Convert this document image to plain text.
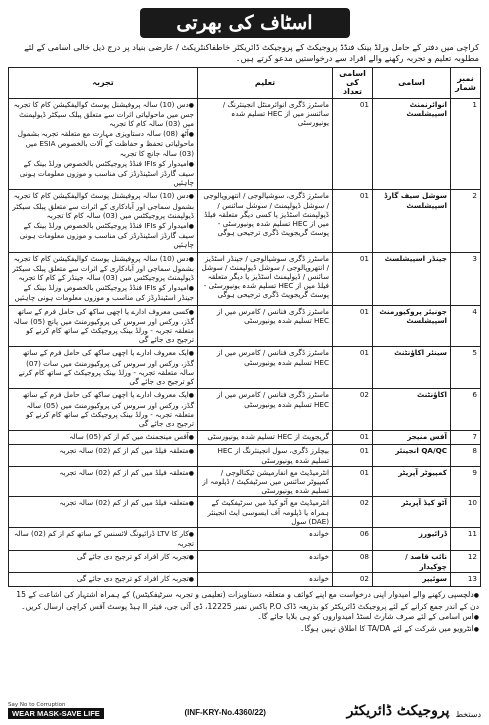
اسٹاف کی بھرتی
کراچی میں دفتر کے حامل ورلڈ بینک فنڈڈ پروجیکٹ کے پروجیکٹ ڈائریکٹر خاطفاکنٹریکٹ / عارضی بنیاد پر درج ذیل خالی اسامی کے لئے مطلوبہ تعلیم و تجربہ رکھنے والے افراد سے درخواستیں مدعو کرتے ہیں۔
نمبر شمار	اسامی	اسامی کی تعداد	تعلیم	تجربہ
1	انوائرنمنٹ اسپیشلسٹ	01	ماسٹرز ڈگری انوائرمنٹل انجینئرنگ / سائنسز میں از HEC تسلیم شدہ یونیورسٹی	● دس (10) سالہ پروفیشنل پوسٹ کوالیفکیشن کام کا تجربہ جس میں ماحولیاتی اثرات سے متعلق پبلک سیکٹر ڈیولپمنٹ میں (03) سالہ کام کا تجربہ
● آٹھ (08) سالہ دستاویزی مہارت مع متعلقہ تجربہ بشمول ماحولیاتی تحفظ و حفاظت کے آلات بالخصوص ESIA میں (03) سالہ جانچ کا تجربہ
● امیدوار کو IFIs فنڈڈ پروجیکٹس بالخصوص ورلڈ بینک کے سیف گارڈز اسٹینڈرڈز کی مناسب و موزوں معلومات ہونی چاہئیں

2	سوشل سیف گارڈ اسپیشلسٹ	01	ماسٹرز ڈگری، سوشیالوجی / انتھروپالوجی / سوشل ڈیولپمنٹ / سوشل سائنس / ڈیولپمنٹ اسٹڈیز یا کسی دیگر متعلقہ فیلڈ میں از HEC تسلیم شدہ یونیورسٹی - پوسٹ گریجویٹ ڈگری ترجیحی ہوگی	● دس (10) سالہ پروفیشنل پوسٹ کوالیفکیشن کام کا تجربہ بشمول سماجی اور آبادکاری کے اثرات سے متعلق پبلک سیکٹر ڈیولپمنٹ پروجیکٹس میں (03) سالہ کام کا تجربہ
● امیدوار کو IFIs فنڈڈ پروجیکٹس بالخصوص ورلڈ بینک کے سیف گارڈز اسٹینڈرڈز کی مناسب و موزوں معلومات ہونی چاہئیں

3	جینڈر اسپیشلسٹ	01	ماسٹرز ڈگری سوشیالوجی / جینڈر اسٹڈیز / انتھروپالوجی / سوشل ڈیولپمنٹ / سوشل سائنس / ڈیولپمنٹ اسٹڈیز یا دیگر متعلقہ فیلڈ میں از HEC تسلیم شدہ یونیورسٹی - پوسٹ گریجویٹ ڈگری ترجیحی ہوگی	● دس (10) سالہ پروفیشنل پوسٹ کوالیفکیشن کام کا تجربہ بشمول سماجی اور آبادکاری کے اثرات سے متعلق پبلک سیکٹر ڈیولپمنٹ پروجیکٹس میں (03) سالہ جینڈر کے کام کا تجربہ
● امیدوار کو IFIs فنڈڈ پروجیکٹس بالخصوص ورلڈ بینک کے جینڈر اسٹینڈرڈز کی مناسب و موزوں معلومات ہونی چاہئیں

4	جونیئر پروکیورمنٹ اسپیشلسٹ	01	ماسٹرز ڈگری فنانس / کامرس میں از HEC تسلیم شدہ یونیورسٹی	● کسی معروف ادارے یا اچھی ساکھ کی حامل فرم کے ساتھ گڈز، ورکس اور سروس کی پروکیورمنٹ میں پانچ (05) سالہ متعلقہ تجربہ - ورلڈ بینک پروجیکٹ کے ساتھ کام کرنے کو ترجیح دی جائے گی

5	سینئر اکاؤنٹنٹ	01	ماسٹرز ڈگری فنانس / کامرس میں از HEC تسلیم شدہ یونیورسٹی	● ایک معروف ادارے یا اچھی ساکھ کی حامل فرم کے ساتھ گڈز، ورکس اور سروس کی پروکیورمنٹ میں سات (07) سالہ متعلقہ تجربہ - ورلڈ بینک پروجیکٹ کے ساتھ کام کرنے کو ترجیح دی جائے گی

6	اکاؤنٹنٹ	02	ماسٹرز ڈگری فنانس / کامرس میں از HEC تسلیم شدہ یونیورسٹی	● ایک معروف ادارے یا اچھی ساکھ کی حامل فرم کے ساتھ گڈز، ورکس اور سروس کی پروکیورمنٹ میں (05) سالہ متعلقہ تجربہ - ورلڈ بینک پروجیکٹ کے ساتھ کام کرنے کو ترجیح دی جائے گی

7	آفس منیجر	01	گریجویٹ از HEC تسلیم شدہ یونیورسٹی	● آفس مینجمنٹ میں کم از کم (05) سالہ

8	QA/QC انجینئر	01	بیچلرز ڈگری، سول انجینئرنگ از HEC تسلیم شدہ یونیورسٹی	● متعلقہ فیلڈ میں کم از کم (02) سالہ تجربہ

9	کمپیوٹر آپریٹر	01	انٹرمیڈیٹ مع انفارمیشن ٹیکنالوجی / کمپیوٹر سائنس میں سرٹیفکیٹ / ڈپلومہ از تسلیم شدہ یونیورسٹی	● متعلقہ فیلڈ میں کم از کم (02) سالہ تجربہ

10	آٹو کیڈ آپریٹر	02	انٹرمیڈیٹ مع آٹو کیڈ میں سرٹیفکیٹ کے ہمراہ یا ڈپلومہ آف ایسوسی ایٹ انجینئر (DAE) سول	● متعلقہ فیلڈ میں کم از کم (02) سالہ تجربہ

11	ڈرائیورز	06	خواندہ	● کار کا LTV ڈرائیونگ لائسنس کے ساتھ کم از کم (02) سالہ تجربہ

12	نائب قاصد / چوکیدار	08	خواندہ	● تجربہ کار افراد کو ترجیح دی جائے گی

13	سوئیپر	02	خواندہ	● تجربہ کار افراد کو ترجیح دی جائے گی
● دلچسپی رکھنے والے امیدوار اپنی درخواست مع اپنے کوائف و متعلقہ دستاویزات (تعلیمی و تجربہ سرٹیفکیٹس) کے ہمراہ اشتہار کی اشاعت کے 15 دن کے اندر جمع کرانے کے لئے پروجیکٹ ڈائریکٹر کو بذریعہ ڈاک P.O باکس نمبر 12225، ڈی آئی جی، فیئر II ہیڈ پوسٹ آفس کراچی ارسال کریں۔
● اس اسامی کے لئے صرف شارٹ لسٹڈ امیدواروں کو ہی بلایا جائے گا۔
● انٹرویو میں شرکت کے لئے TA/DA کا اطلاق نہیں ہوگا۔
Say No to Corruption
WEAR MASK-SAVE LIFE	(INF-KRY-No.4360/22)	دستخط
پروجیکٹ ڈائریکٹر
